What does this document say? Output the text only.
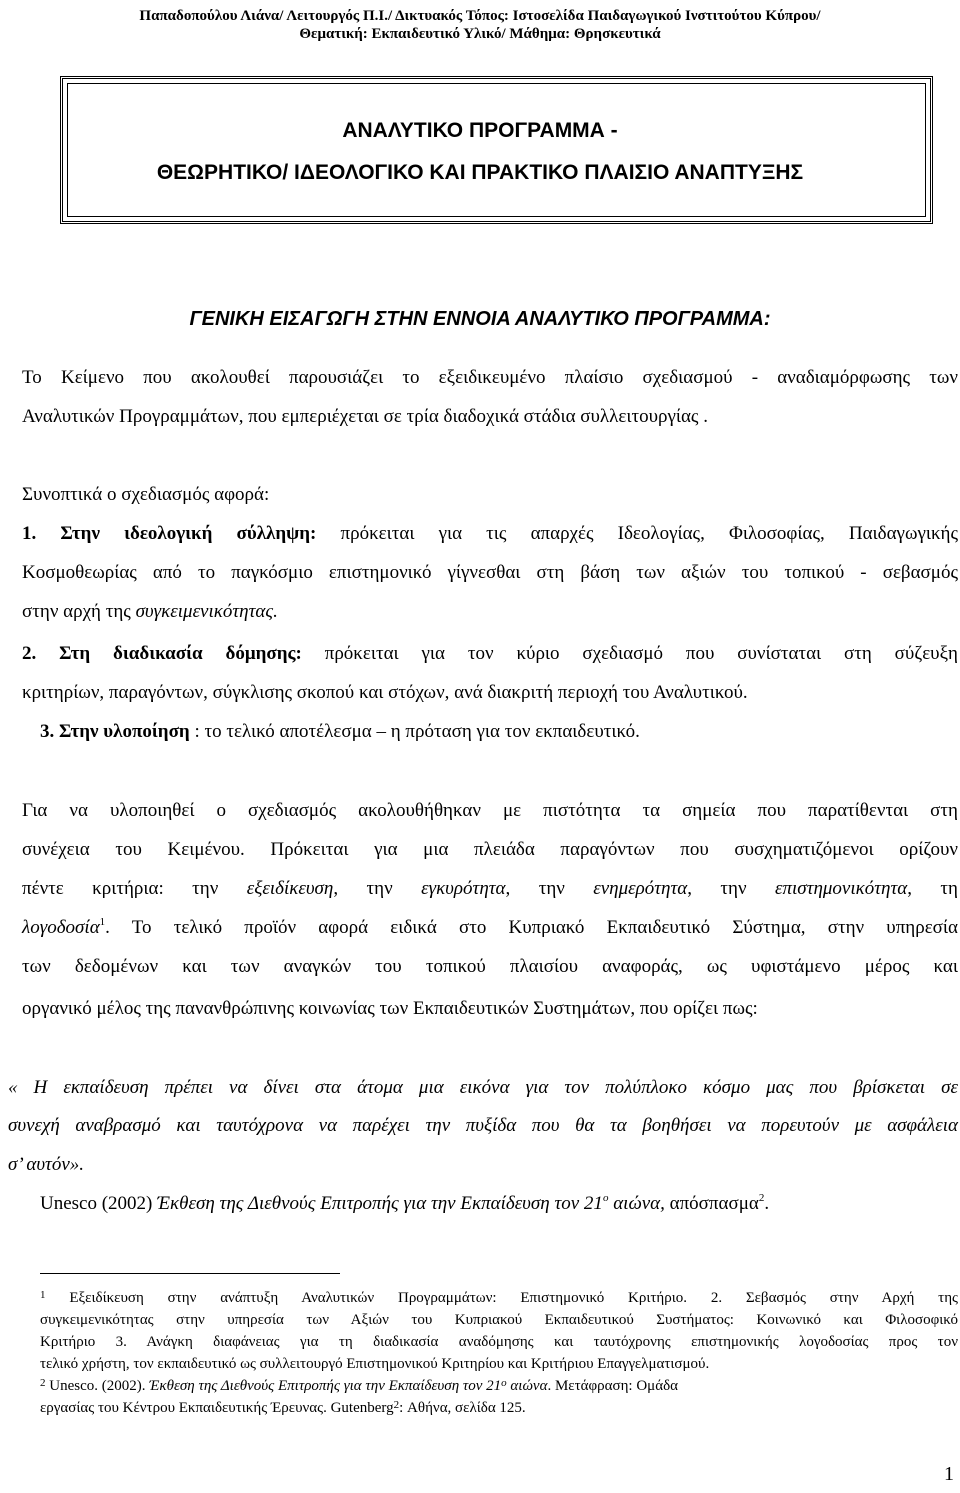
Παπαδοπούλου Λιάνα/ Λειτουργός Π.Ι./ Δικτυακός Τόπος: Ιστοσελίδα Παιδαγωγικού Ινστιτούτου Κύπρου/
Θεματική: Εκπαιδευτικό Υλικό/ Μάθημα: Θρησκευτικά
ΑΝΑΛΥΤΙΚΟ ΠΡΟΓΡΑΜΜΑ -
ΘΕΩΡΗΤΙΚΟ/ ΙΔΕΟΛΟΓΙΚΟ ΚΑΙ ΠΡΑΚΤΙΚΟ ΠΛΑΙΣΙΟ ΑΝΑΠΤΥΞΗΣ
ΓΕΝΙΚΗ ΕΙΣΑΓΩΓΗ ΣΤΗΝ ΕΝΝΟΙΑ ΑΝΑΛΥΤΙΚΟ ΠΡΟΓΡΑΜΜΑ:
Το Κείμενο που ακολουθεί παρουσιάζει το εξειδικευμένο πλαίσιο σχεδιασμού - αναδιαμόρφωσης των
Αναλυτικών Προγραμμάτων, που εμπεριέχεται σε τρία διαδοχικά στάδια συλλειτουργίας .
Συνοπτικά ο σχεδιασμός αφορά:
1. Στην ιδεολογική σύλληψη: πρόκειται για τις απαρχές Ιδεολογίας, Φιλοσοφίας, Παιδαγωγικής
Κοσμοθεωρίας από το παγκόσμιο επιστημονικό γίγνεσθαι στη βάση των αξιών του τοπικού - σεβασμός
στην αρχή της συγκειμενικότητας.
2. Στη διαδικασία δόμησης: πρόκειται για τον κύριο σχεδιασμό που συνίσταται στη σύζευξη
κριτηρίων, παραγόντων, σύγκλισης σκοπού και στόχων, ανά διακριτή περιοχή του Αναλυτικού.
3. Στην υλοποίηση : το τελικό αποτέλεσμα – η πρόταση για τον εκπαιδευτικό.
Για να υλοποιηθεί ο σχεδιασμός ακολουθήθηκαν με πιστότητα τα σημεία που παρατίθενται στη
συνέχεια του Κειμένου. Πρόκειται για μια πλειάδα παραγόντων που συσχηματιζόμενοι ορίζουν
πέντε κριτήρια: την εξειδίκευση, την εγκυρότητα, την ενημερότητα, την επιστημονικότητα, τη
λογοδοσία$^1$. Το τελικό προϊόν αφορά ειδικά στο Κυπριακό Εκπαιδευτικό Σύστημα, στην υπηρεσία
των δεδομένων και των αναγκών του τοπικού πλαισίου αναφοράς, ως υφιστάμενο μέρος και
οργανικό μέλος της πανανθρώπινης κοινωνίας των Εκπαιδευτικών Συστημάτων, που ορίζει πως:
« Η εκπαίδευση πρέπει να δίνει στα άτομα μια εικόνα για τον πολύπλοκο κόσμο μας που βρίσκεται σε
συνεχή αναβρασμό και ταυτόχρονα να παρέχει την πυξίδα που θα τα βοηθήσει να πορευτούν με ασφάλεια
σ’ αυτόν».
Unesco (2002) Έκθεση της Διεθνούς Επιτροπής για την Εκπαίδευση τον $21^o$ αιώνα, απόσπασμα$^2$.
$^1$ Εξειδίκευση στην ανάπτυξη Αναλυτικών Προγραμμάτων: Επιστημονικό Κριτήριο. 2. Σεβασμός στην Αρχή της
συγκειμενικότητας στην υπηρεσία των Αξιών του Κυπριακού Εκπαιδευτικού Συστήματος: Κοινωνικό και Φιλοσοφικό
Κριτήριο 3. Ανάγκη διαφάνειας για τη διαδικασία αναδόμησης και ταυτόχρονης επιστημονικής λογοδοσίας προς τον
τελικό χρήστη, τον εκπαιδευτικό ως συλλειτουργό Επιστημονικού Κριτηρίου και Κριτήριου Επαγγελματισμού.
$^2$ Unesco. (2002). Έκθεση της Διεθνούς Επιτροπής για την Εκπαίδευση τον $21^o$ αιώνα. Μετάφραση: Ομάδα
εργασίας του Κέντρου Εκπαιδευτικής Έρευνας. Gutenberg$^2$: Αθήνα, σελίδα 125.
1
